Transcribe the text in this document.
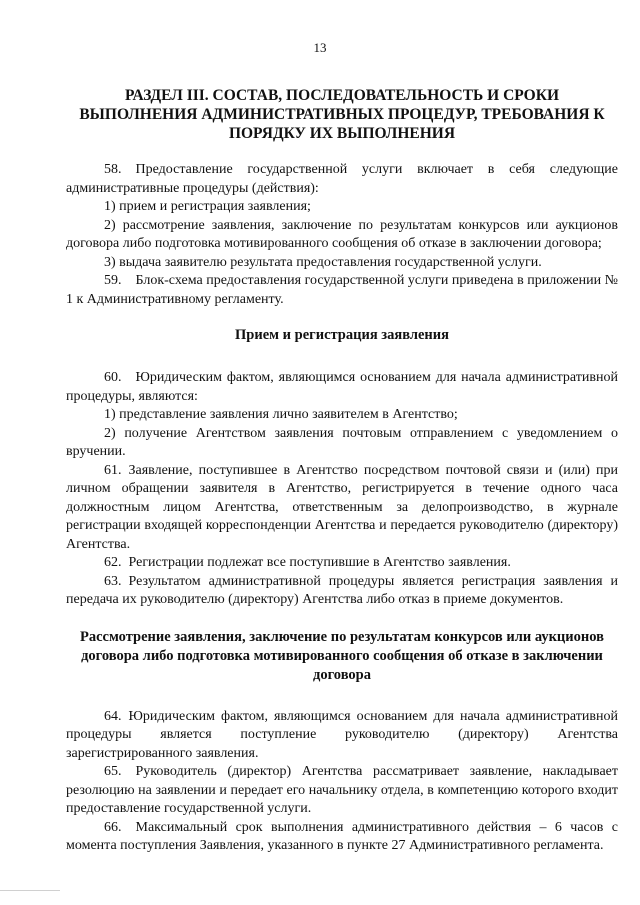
13
РАЗДЕЛ III. СОСТАВ, ПОСЛЕДОВАТЕЛЬНОСТЬ И СРОКИ ВЫПОЛНЕНИЯ АДМИНИСТРАТИВНЫХ ПРОЦЕДУР, ТРЕБОВАНИЯ К ПОРЯДКУ ИХ ВЫПОЛНЕНИЯ

58. Предоставление государственной услуги включает в себя следующие административные процедуры (действия):

1) прием и регистрация заявления;

2) рассмотрение заявления, заключение по результатам конкурсов или аукционов договора либо подготовка мотивированного сообщения об отказе в заключении договора;

3) выдача заявителю результата предоставления государственной услуги.

59. Блок-схема предоставления государственной услуги приведена в приложении № 1 к Административному регламенту.

Прием и регистрация заявления

60. Юридическим фактом, являющимся основанием для начала административной процедуры, являются:

1) представление заявления лично заявителем в Агентство;

2) получение Агентством заявления почтовым отправлением с уведомлением о вручении.

61. Заявление, поступившее в Агентство посредством почтовой связи и (или) при личном обращении заявителя в Агентство, регистрируется в течение одного часа должностным лицом Агентства, ответственным за делопроизводство, в журнале регистрации входящей корреспонденции Агентства и передается руководителю (директору) Агентства.

62. Регистрации подлежат все поступившие в Агентство заявления.

63. Результатом административной процедуры является регистрация заявления и передача их руководителю (директору) Агентства либо отказ в приеме документов.

Рассмотрение заявления, заключение по результатам конкурсов или аукционов договора либо подготовка мотивированного сообщения об отказе в заключении договора

64. Юридическим фактом, являющимся основанием для начала административной процедуры является поступление руководителю (директору) Агентства зарегистрированного заявления.

65. Руководитель (директор) Агентства рассматривает заявление, накладывает резолюцию на заявлении и передает его начальнику отдела, в компетенцию которого входит предоставление государственной услуги.

66. Максимальный срок выполнения административного действия – 6 часов с момента поступления Заявления, указанного в пункте 27 Административного регламента.
